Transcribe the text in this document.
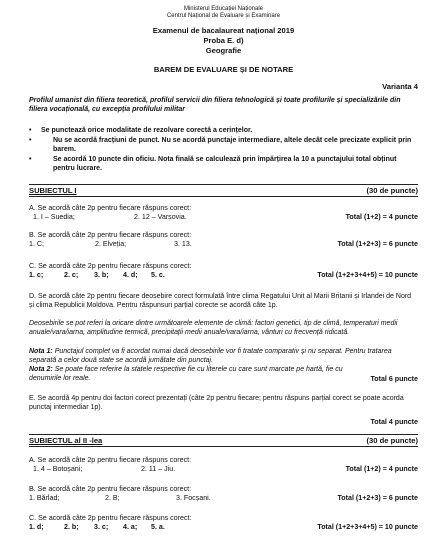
Ministerul Educației Naționale
Centrul Național de Evaluare și Examinare
Examenul de bacalaureat național 2019
Proba E. d)
Geografie
BAREM DE EVALUARE ȘI DE NOTARE
Varianta 4
Profilul umanist din filiera teoretică, profilul servicii din filiera tehnologică și toate profilurile și specializările din filiera vocațională, cu excepția profilului militar
• Se punctează orice modalitate de rezolvare corectă a cerințelor.
•	Nu se acordă fracțiuni de punct. Nu se acordă punctaje intermediare, altele decât cele precizate explicit prin barem.
•	Se acordă 10 puncte din oficiu. Nota finală se calculează prin împărțirea la 10 a punctajului total obținut pentru lucrare.
SUBIECTUL I	(30 de puncte)
A. Se acordă câte 2p pentru fiecare răspuns corect:
1. I – Suedia;	2. 12 – Varșovia.	Total (1+2) = 4 puncte
B. Se acordă câte 2p pentru fiecare răspuns corect:
1. C;	2. Elveția;	3. 13.	Total (1+2+3) = 6 puncte
C. Se acordă câte 2p pentru fiecare răspuns corect:
1. c;	2. c; 3. b; 4. d; 5. c.	Total (1+2+3+4+5) = 10 puncte
D. Se acordă câte 2p pentru fiecare deosebire corect formulată între clima Regatului Unit al Marii Britanii și Irlandei de Nord și clima Republicii Moldova. Pentru răspunsuri parțial corecte se acordă câte 1p.
Deosebirile se pot referi la oricare dintre următoarele elemente de climă: factori genetici, tip de climă, temperaturi medii anuale/vara/iarna, amplitudine termică, precipitații medii anuale/vara/iarna, vânturi cu frecvență ridicată.
Nota 1: Punctajul complet va fi acordat numai dacă deosebirile vor fi tratate comparativ și nu separat. Pentru tratarea separată a celor două state se acordă jumătate din punctaj.
Nota 2: Se poate face referire la statele respective fie cu literele cu care sunt marcate pe hartă, fie cu denumirile lor reale.	Total 6 puncte
E. Se acordă 4p pentru doi factori corect prezentați (câte 2p pentru fiecare; pentru răspuns parțial corect se poate acorda punctaj intermediar 1p).
Total 4 puncte
SUBIECTUL al II -lea	(30 de puncte)
A. Se acordă câte 2p pentru fiecare răspuns corect:
1. 4 – Botoșani;	2. 11 – Jiu.	Total (1+2) = 4 puncte
B. Se acordă câte 2p pentru fiecare răspuns corect:
1. Bărlad;	2. B;	3. Focșani.	Total (1+2+3) = 6 puncte
C. Se acordă câte 2p pentru fiecare răspuns corect:
1. d;	2. b; 3. c; 4. a; 5. a.	Total (1+2+3+4+5) = 10 puncte
